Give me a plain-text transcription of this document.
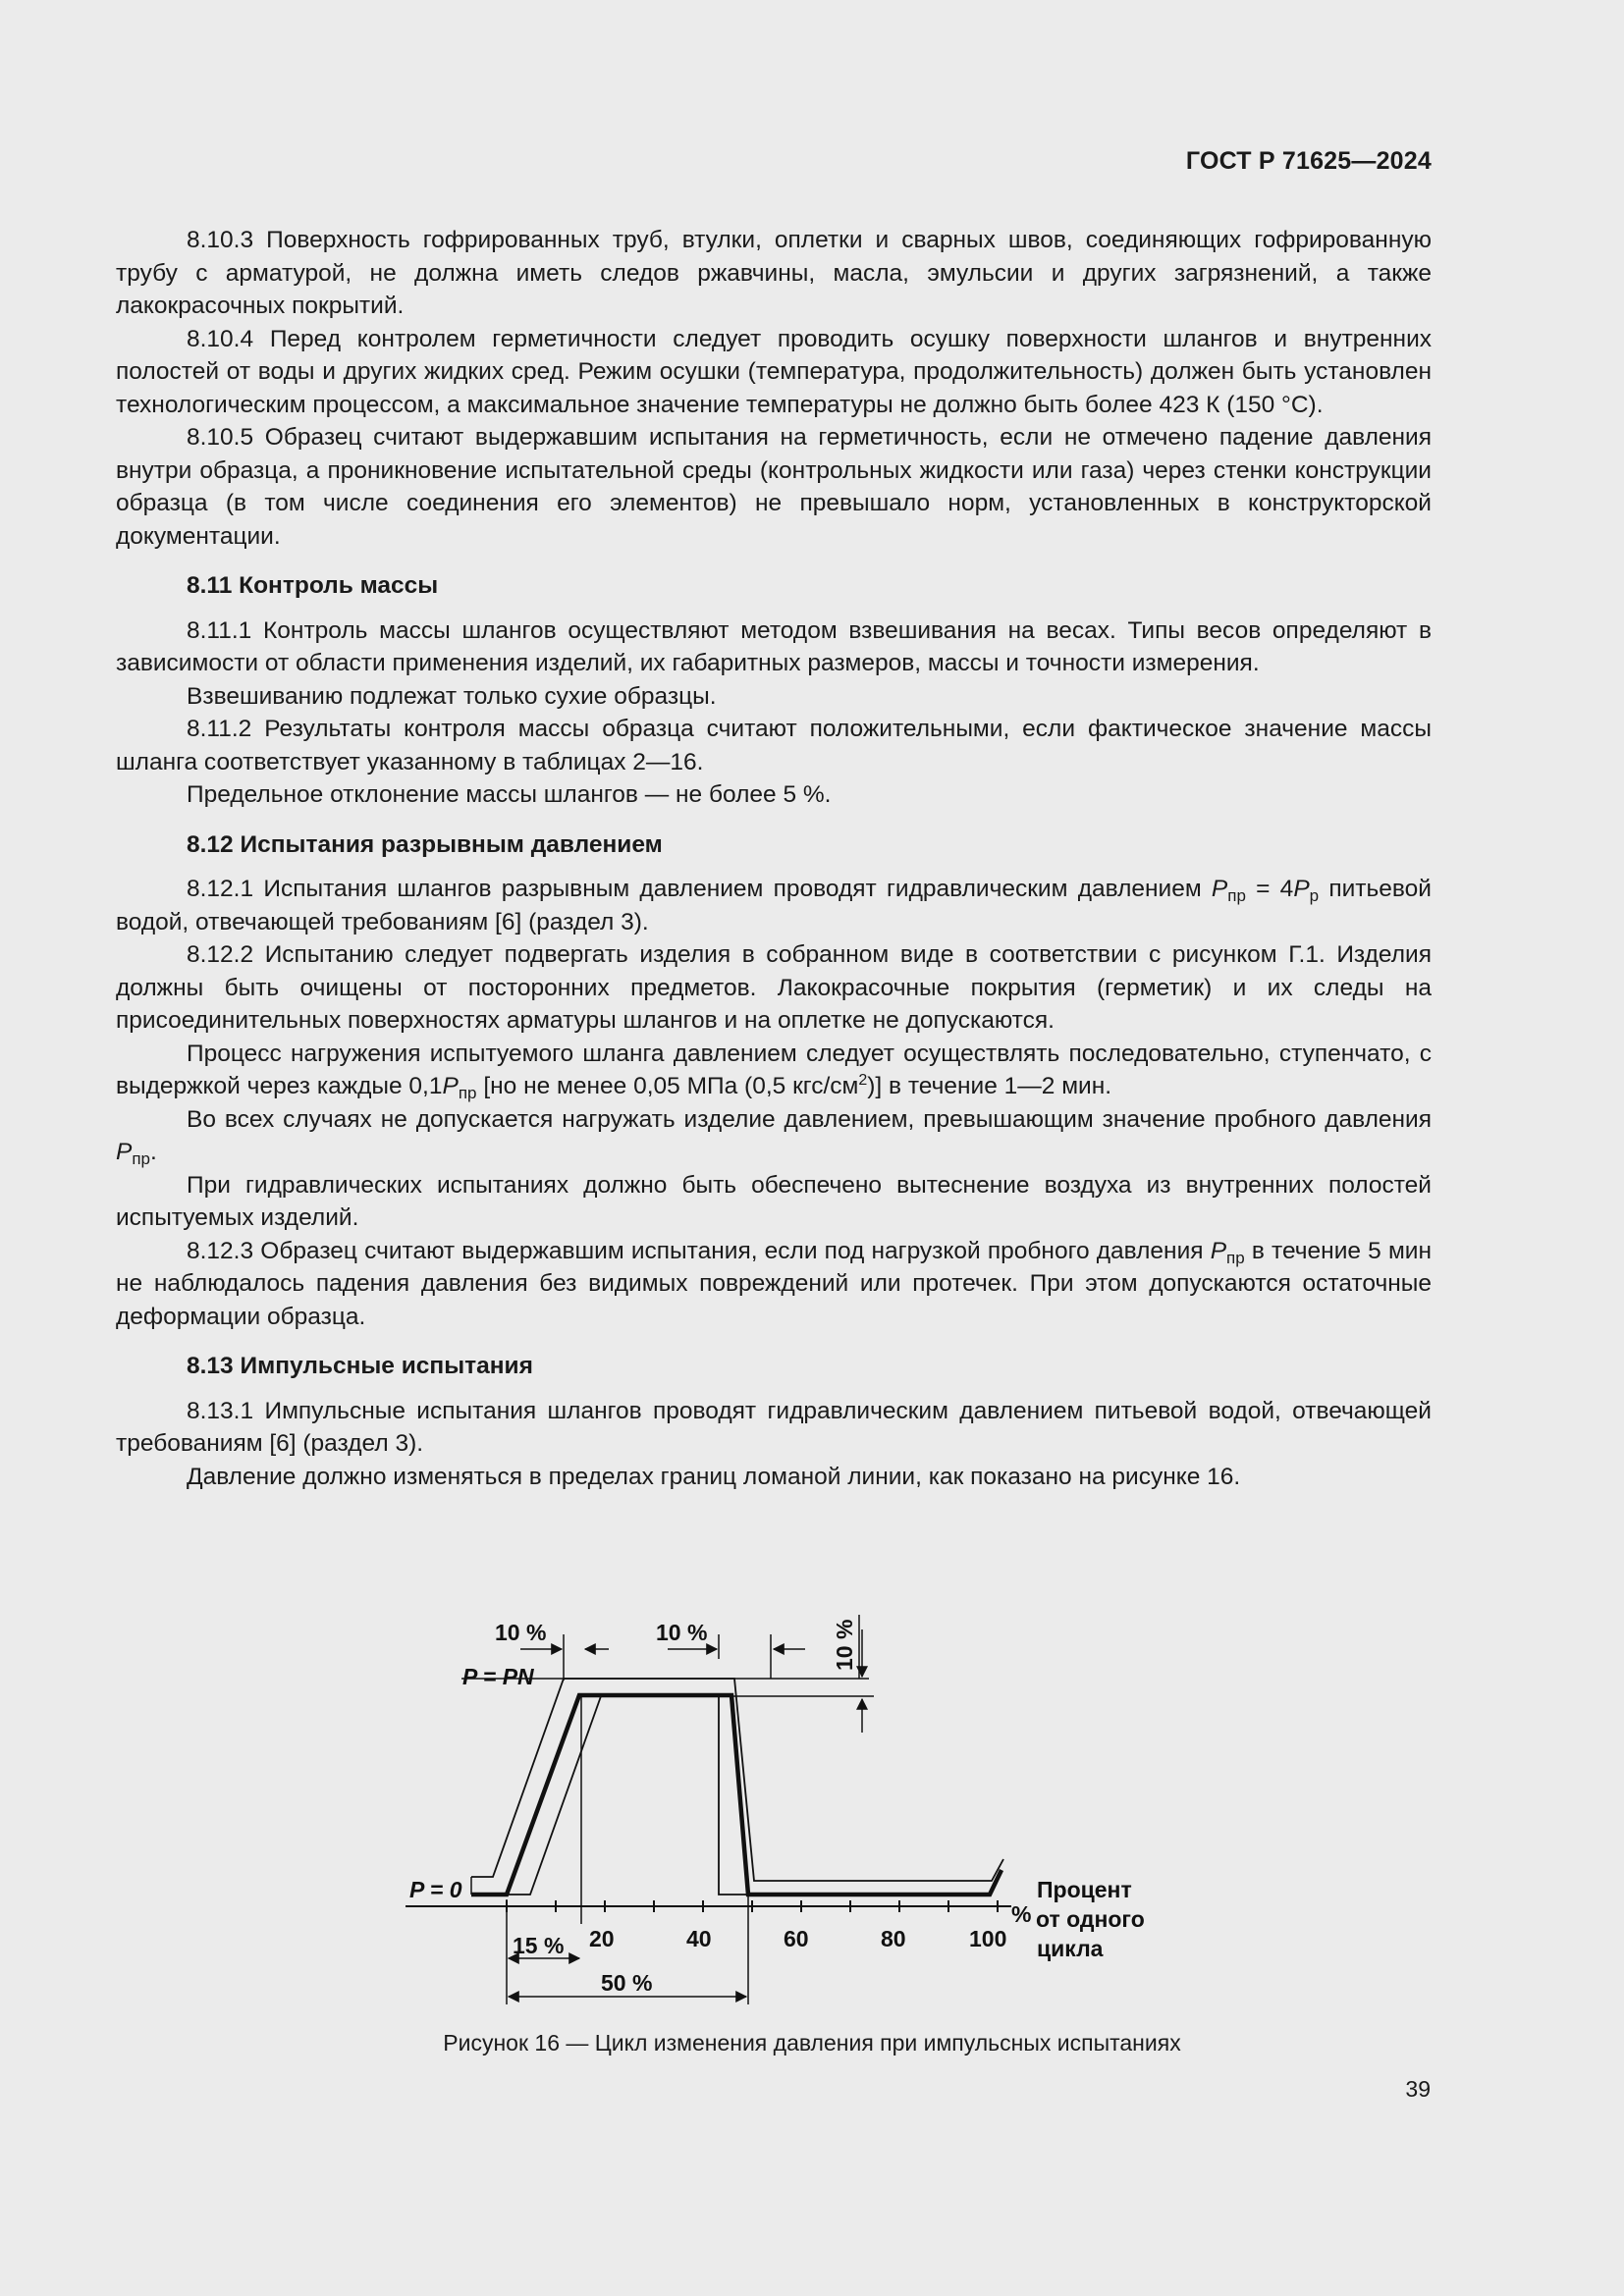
ГОСТ Р 71625—2024

8.10.3 Поверхность гофрированных труб, втулки, оплетки и сварных швов, соединяющих гофрированную трубу с арматурой, не должна иметь следов ржавчины, масла, эмульсии и других загрязнений, а также лакокрасочных покрытий.

8.10.4 Перед контролем герметичности следует проводить осушку поверхности шлангов и внутренних полостей от воды и других жидких сред. Режим осушки (температура, продолжительность) должен быть установлен технологическим процессом, а максимальное значение температуры не должно быть более 423 К (150 °С).

8.10.5 Образец считают выдержавшим испытания на герметичность, если не отмечено падение давления внутри образца, а проникновение испытательной среды (контрольных жидкости или газа) через стенки конструкции образца (в том числе соединения его элементов) не превышало норм, установленных в конструкторской документации.

8.11 Контроль массы

8.11.1 Контроль массы шлангов осуществляют методом взвешивания на весах. Типы весов определяют в зависимости от области применения изделий, их габаритных размеров, массы и точности измерения.

Взвешиванию подлежат только сухие образцы.

8.11.2 Результаты контроля массы образца считают положительными, если фактическое значение массы шланга соответствует указанному в таблицах 2—16.

Предельное отклонение массы шлангов — не более 5 %.

8.12 Испытания разрывным давлением

8.12.1 Испытания шлангов разрывным давлением проводят гидравлическим давлением $P_{пр} = 4P_р$ питьевой водой, отвечающей требованиям [6] (раздел 3).

8.12.2 Испытанию следует подвергать изделия в собранном виде в соответствии с рисунком Г.1. Изделия должны быть очищены от посторонних предметов. Лакокрасочные покрытия (герметик) и их следы на присоединительных поверхностях арматуры шлангов и на оплетке не допускаются.

Процесс нагружения испытуемого шланга давлением следует осуществлять последовательно, ступенчато, с выдержкой через каждые $0,1P_{пр}$ [но не менее 0,05 МПа (0,5 кгс/$см^2$)] в течение 1—2 мин.

Во всех случаях не допускается нагружать изделие давлением, превышающим значение пробного давления $P_{пр}$.

При гидравлических испытаниях должно быть обеспечено вытеснение воздуха из внутренних полостей испытуемых изделий.

8.12.3 Образец считают выдержавшим испытания, если под нагрузкой пробного давления $P_{пр}$ в течение 5 мин не наблюдалось падения давления без видимых повреждений или протечек. При этом допускаются остаточные деформации образца.

8.13 Импульсные испытания

8.13.1 Импульсные испытания шлангов проводят гидравлическим давлением питьевой водой, отвечающей требованиям [6] (раздел 3).

Давление должно изменяться в пределах границ ломаной линии, как показано на рисунке 16.

10 %	10 %	10 %
P = PN
P = 0
15 %
50 %
20	40	60	80	100
%
Процент
от одного
цикла
Рисунок 16 — Цикл изменения давления при импульсных испытаниях
39
